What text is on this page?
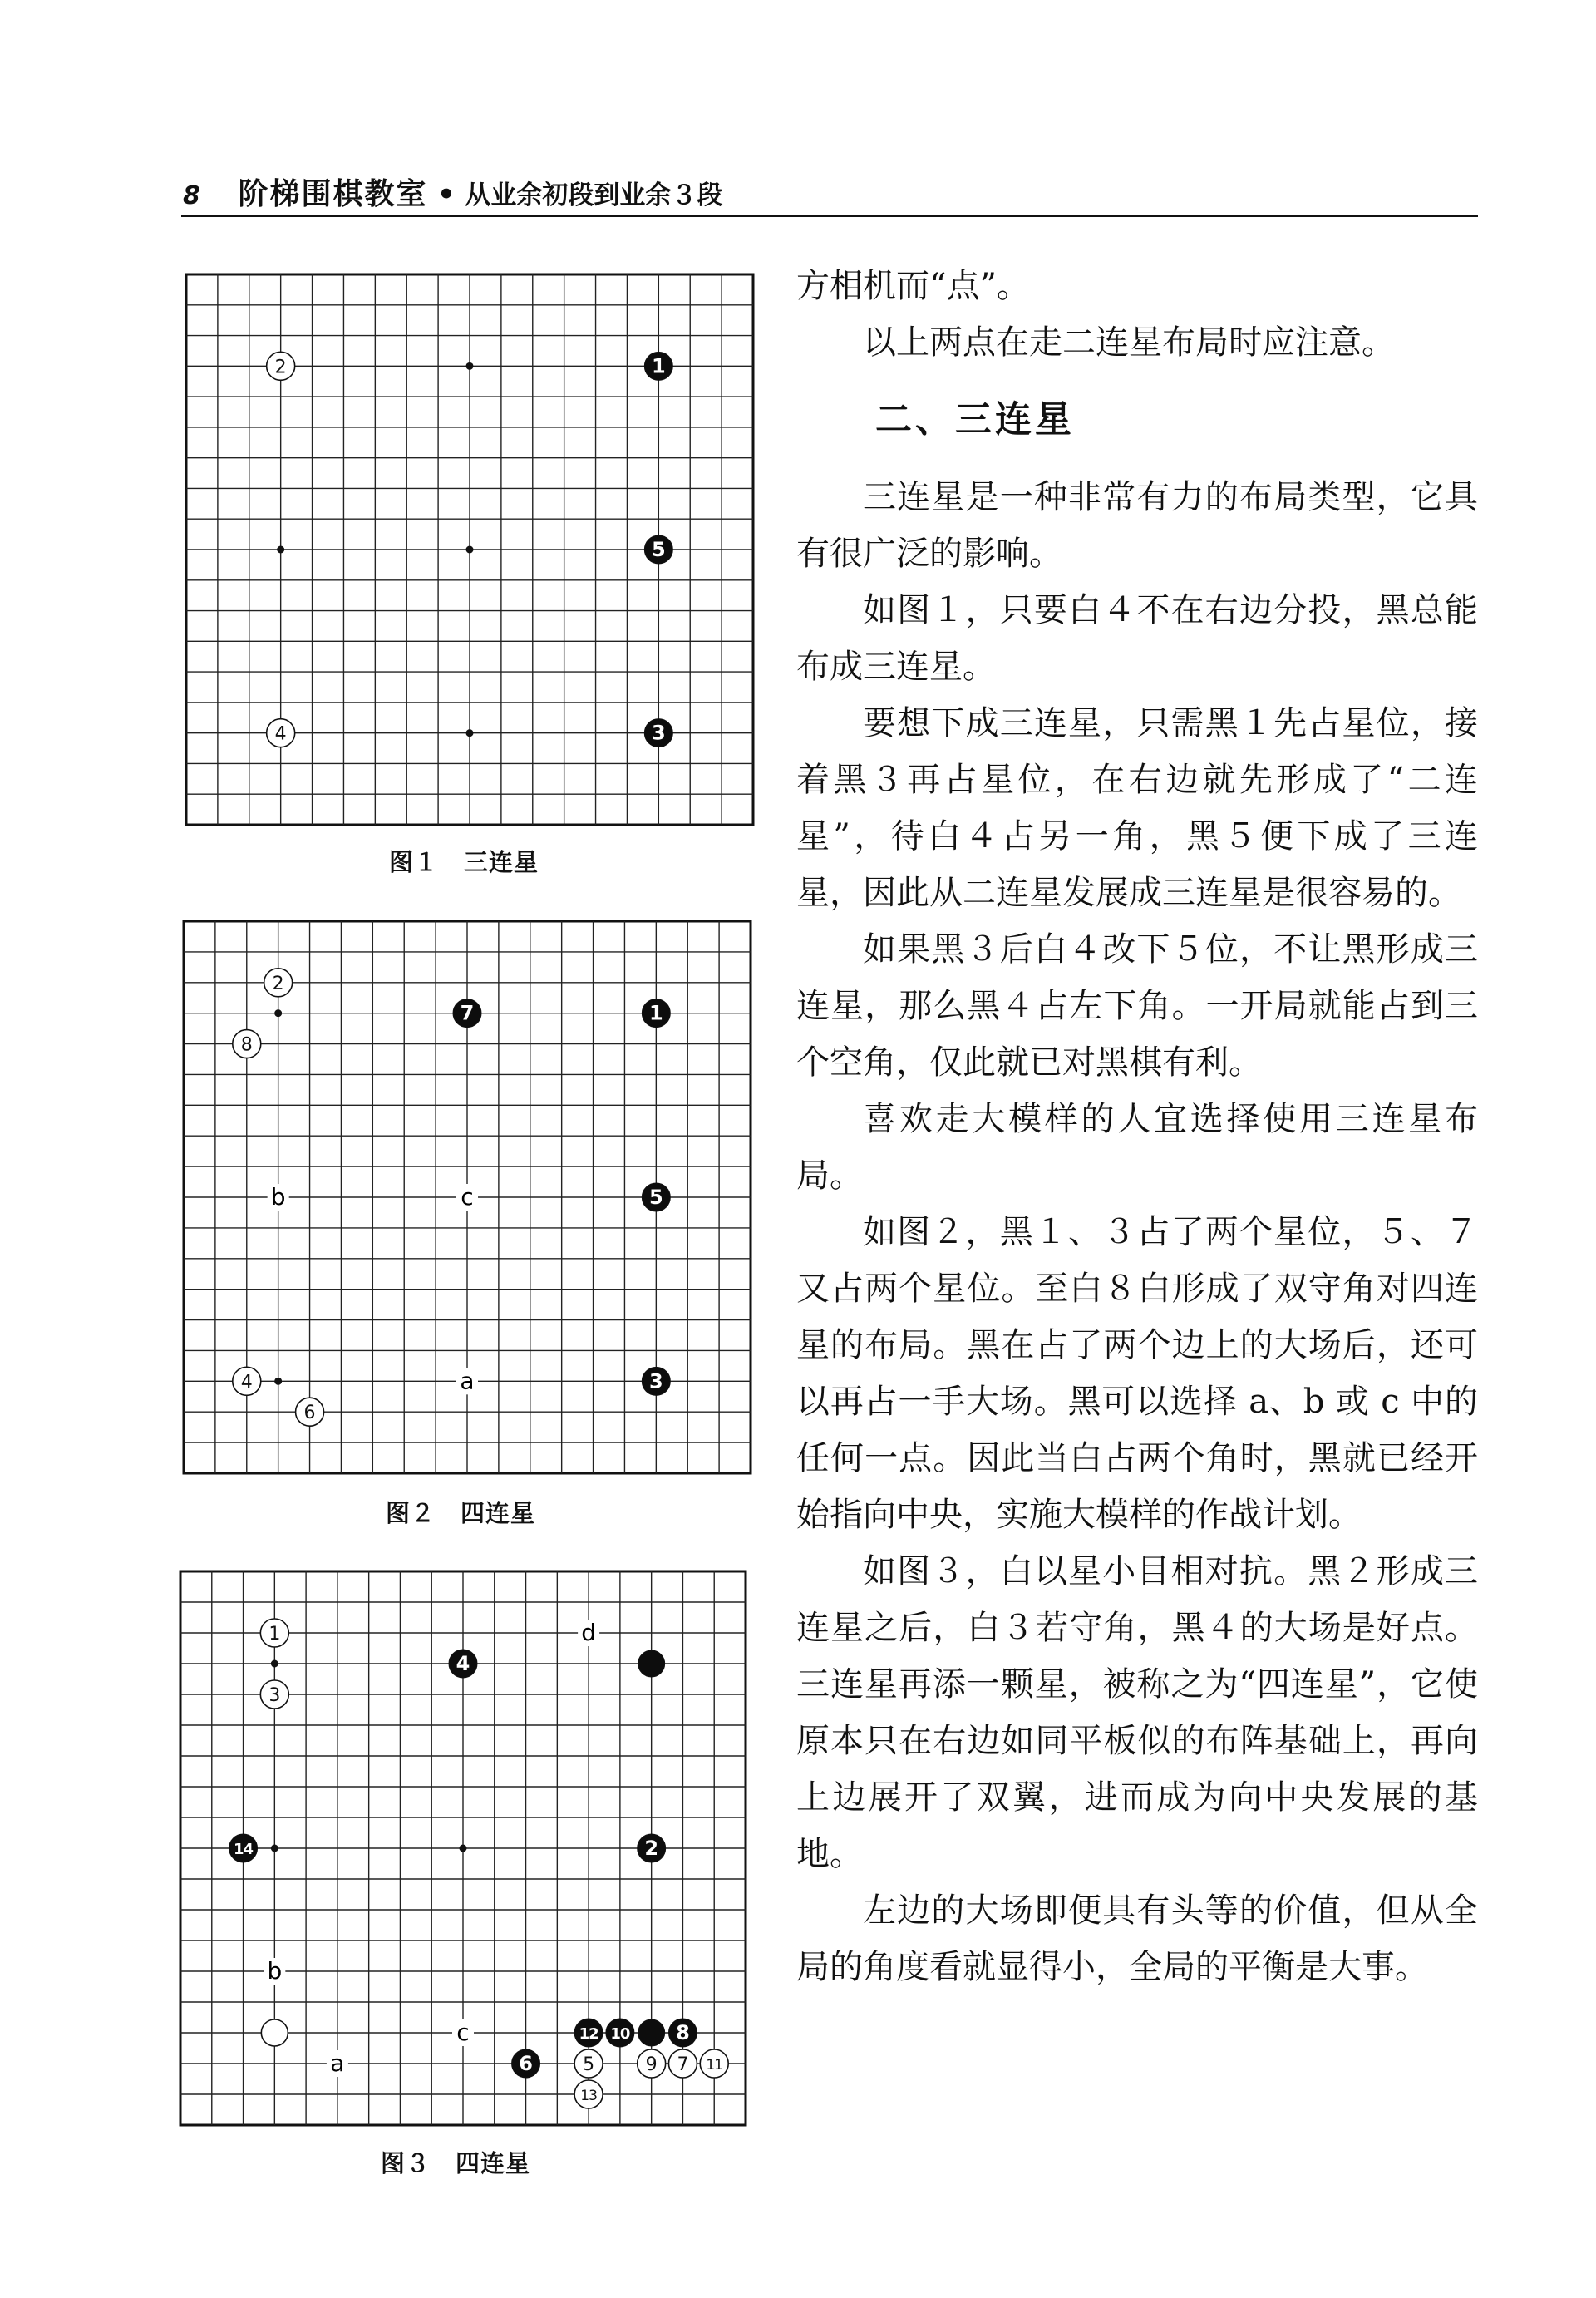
8 阶梯围棋教室 • 从业余初段到业余３段
1
2
3
4
5
图１ 三连星
a
b	c
1
2
3
4
5
6
7
8
图２ 四连星
a
b
c
d
1
2
3
4
5
6	7
8
9
10
11
12
13
14
图３ 四连星

方相机而“点”。

以上两点在走二连星布局时应注意。

二、三连星

三连星是一种非常有力的布局类型，它具有很广泛的影响。

如图１，只要白４不在右边分投，黑总能布成三连星。

要想下成三连星，只需黑１先占星位，接着黑３再占星位，在右边就先形成了“二连星”，待白４占另一角，黑５便下成了三连星，因此从二连星发展成三连星是很容易的。

如果黑３后白４改下５位，不让黑形成三连星，那么黑４占左下角。一开局就能占到三个空角，仅此就已对黑棋有利。

喜欢走大模样的人宜选择使用三连星布局。

如图２，黑１、３占了两个星位，５、７又占两个星位。至白８白形成了双守角对四连星的布局。黑在占了两个边上的大场后，还可以再占一手大场。黑可以选择 a、b 或 c 中的任何一点。因此当白占两个角时，黑就已经开始指向中央，实施大模样的作战计划。

如图３，白以星小目相对抗。黑２形成三连星之后，白３若守角，黑４的大场是好点。三连星再添一颗星，被称之为“四连星”，它使原本只在右边如同平板似的布阵基础上，再向上边展开了双翼，进而成为向中央发展的基地。

左边的大场即便具有头等的价值，但从全局的角度看就显得小，全局的平衡是大事。
